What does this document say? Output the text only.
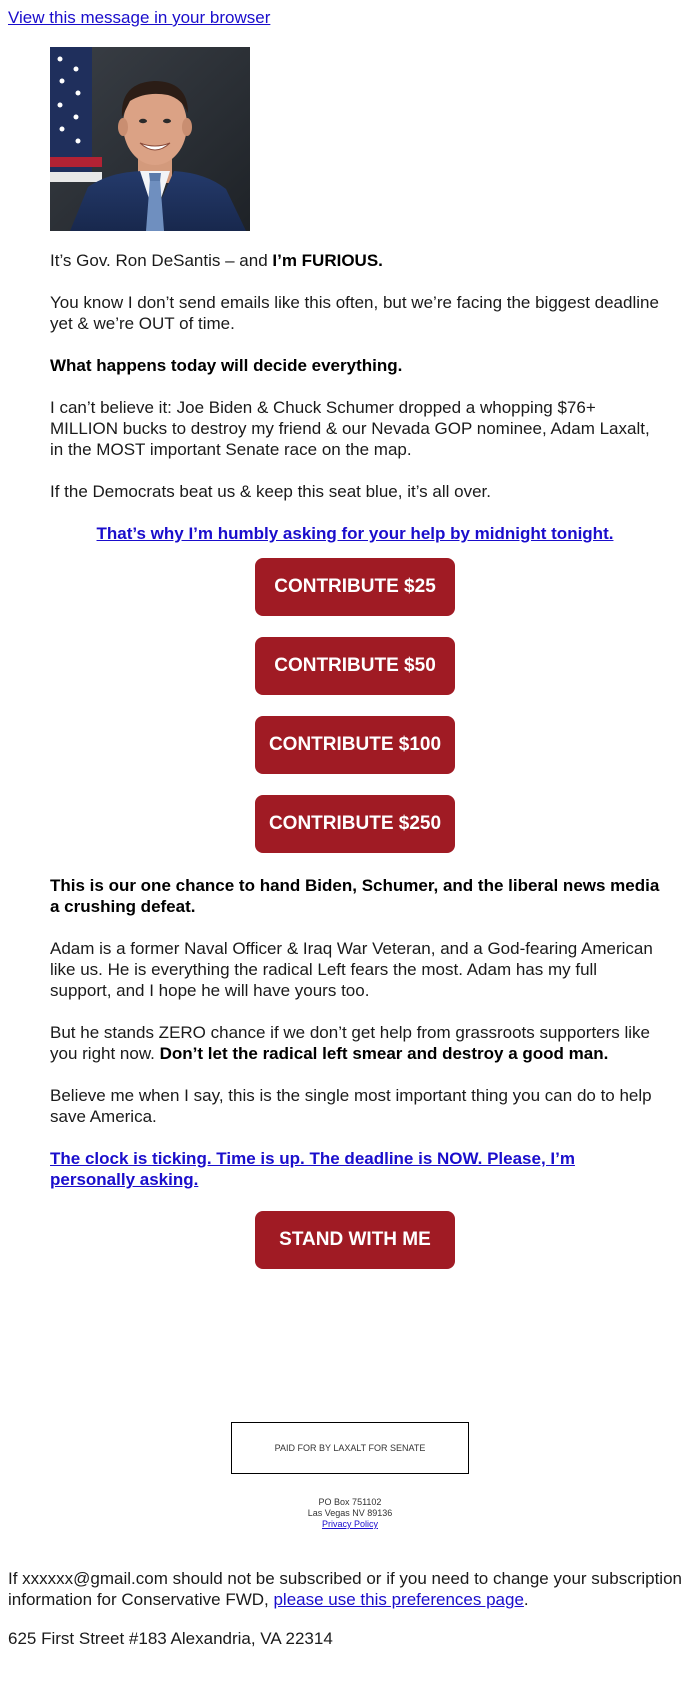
View this message in your browser

It’s Gov. Ron DeSantis – and I’m FURIOUS.

You know I don’t send emails like this often, but we’re facing the biggest deadline yet & we’re OUT of time.

What happens today will decide everything.

I can’t believe it: Joe Biden & Chuck Schumer dropped a whopping $76+ MILLION bucks to destroy my friend & our Nevada GOP nominee, Adam Laxalt, in the MOST important Senate race on the map.

If the Democrats beat us & keep this seat blue, it’s all over.

That’s why I’m humbly asking for your help by midnight tonight.
CONTRIBUTE $25
CONTRIBUTE $50
CONTRIBUTE $100
CONTRIBUTE $250

This is our one chance to hand Biden, Schumer, and the liberal news media a crushing defeat.

Adam is a former Naval Officer & Iraq War Veteran, and a God-fearing American like us. He is everything the radical Left fears the most. Adam has my full support, and I hope he will have yours too.

But he stands ZERO chance if we don’t get help from grassroots supporters like you right now. Don’t let the radical left smear and destroy a good man.

Believe me when I say, this is the single most important thing you can do to help save America.

The clock is ticking. Time is up. The deadline is NOW. Please, I’m personally asking.
STAND WITH ME
PAID FOR BY LAXALT FOR SENATE
PO Box 751102
Las Vegas NV 89136
Privacy Policy

If xxxxxx@gmail.com should not be subscribed or if you need to change your subscription information for Conservative FWD, please use this preferences page.

625 First Street #183 Alexandria, VA 22314
